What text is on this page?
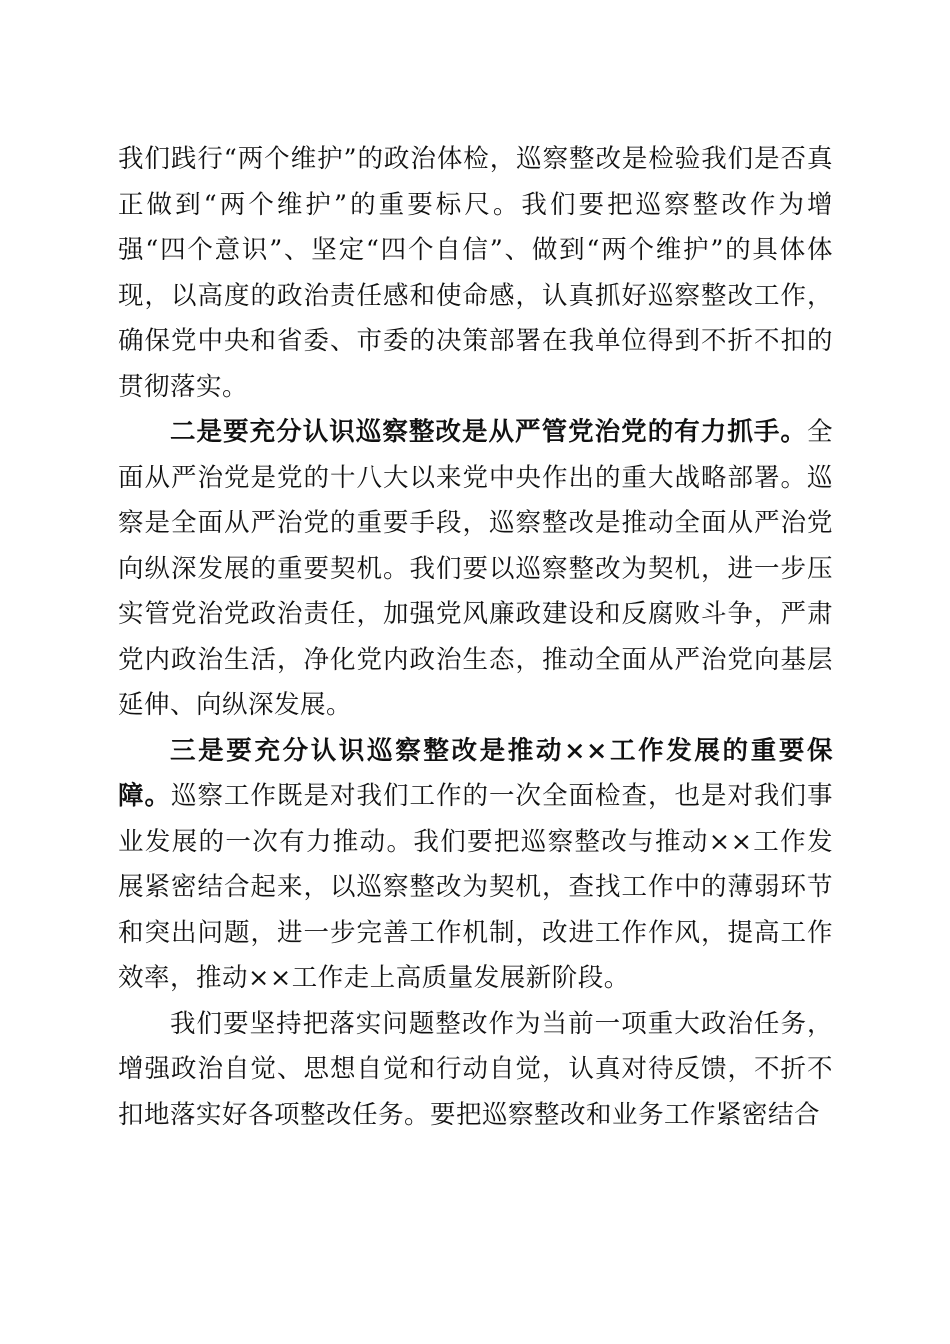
我们践行“两个维护”的政治体检，巡察整改是检验我们是否真正做到“两个维护”的重要标尺。我们要把巡察整改作为增强“四个意识”、坚定“四个自信”、做到“两个维护”的具体体现，以高度的政治责任感和使命感，认真抓好巡察整改工作，确保党中央和省委、市委的决策部署在我单位得到不折不扣的贯彻落实。

二是要充分认识巡察整改是从严管党治党的有力抓手。全面从严治党是党的十八大以来党中央作出的重大战略部署。巡察是全面从严治党的重要手段，巡察整改是推动全面从严治党向纵深发展的重要契机。我们要以巡察整改为契机，进一步压实管党治党政治责任，加强党风廉政建设和反腐败斗争，严肃党内政治生活，净化党内政治生态，推动全面从严治党向基层延伸、向纵深发展。

三是要充分认识巡察整改是推动××工作发展的重要保障。巡察工作既是对我们工作的一次全面检查，也是对我们事业发展的一次有力推动。我们要把巡察整改与推动××工作发展紧密结合起来，以巡察整改为契机，查找工作中的薄弱环节和突出问题，进一步完善工作机制，改进工作作风，提高工作效率，推动××工作走上高质量发展新阶段。

我们要坚持把落实问题整改作为当前一项重大政治任务，增强政治自觉、思想自觉和行动自觉，认真对待反馈，不折不扣地落实好各项整改任务。要把巡察整改和业务工作紧密结合
